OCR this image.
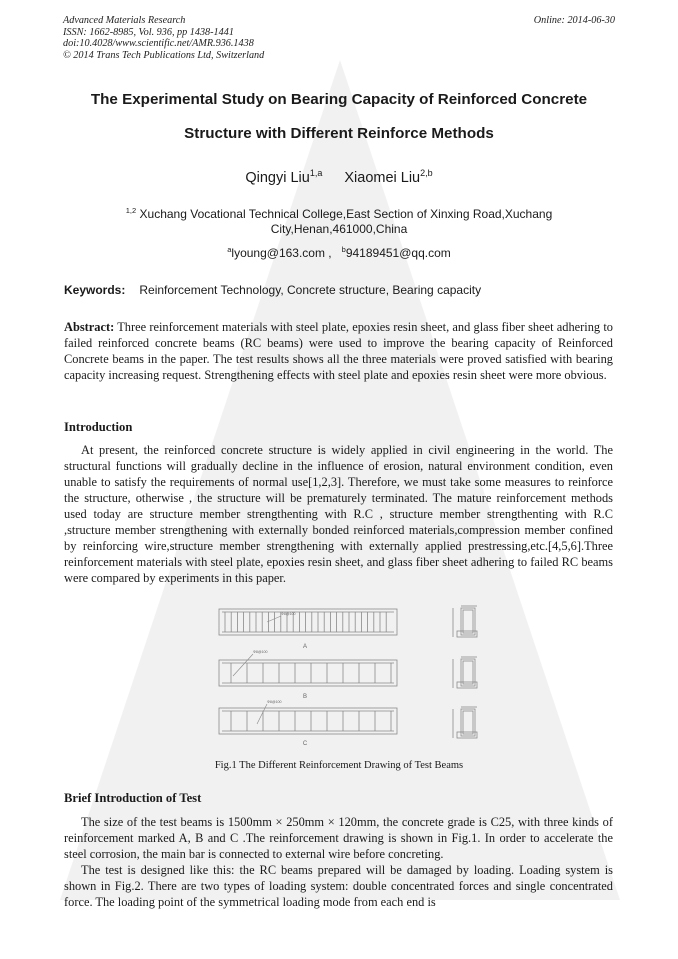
Advanced Materials Research
ISSN: 1662-8985, Vol. 936, pp 1438-1441
doi:10.4028/www.scientific.net/AMR.936.1438
© 2014 Trans Tech Publications Ltd, Switzerland
Online: 2014-06-30
The Experimental Study on Bearing Capacity of Reinforced Concrete
Structure with Different Reinforce Methods
Qingyi Liu$^{1,a}$ Xiaomei Liu$^{2,b}$
$^{1,2}$ Xuchang Vocational Technical College,East Section of Xinxing Road,Xuchang
City,Henan,461000,China
$^a$lyoung@163.com , $^b$94189451@qq.com
Keywords: Reinforcement Technology, Concrete structure, Bearing capacity

Abstract: Three reinforcement materials with steel plate, epoxies resin sheet, and glass fiber sheet adhering to failed reinforced concrete beams (RC beams) were used to improve the bearing capacity of Reinforced Concrete beams in the paper. The test results shows all the three materials were proved satisfied with bearing capacity increasing request. Strengthening effects with steel plate and epoxies resin sheet were more obvious.

Introduction

At present, the reinforced concrete structure is widely applied in civil engineering in the world. The structural functions will gradually decline in the influence of erosion, natural environment condition, even unable to satisfy the requirements of normal use[1,2,3]. Therefore, we must take some measures to reinforce the structure, otherwise , the structure will be prematurely terminated. The mature reinforcement methods used today are structure member strengthenting with R.C , structure member strengthenting with R.C ,structure member strengthening with externally bonded reinforced materials,compression member confined by reinforcing wire,structure member strengthening with externally applied prestressing,etc.[4,5,6].Three reinforcement materials with steel plate, epoxies resin sheet, and glass fiber sheet adhering to failed RC beams were compared by experiments in this paper.

Φ8@100
Φ8@100
Φ8@100
A
B
C
Fig.1 The Different Reinforcement Drawing of Test Beams
Brief Introduction of Test

The size of the test beams is 1500mm × 250mm × 120mm, the concrete grade is C25, with three kinds of reinforcement marked A, B and C .The reinforcement drawing is shown in Fig.1. In order to accelerate the steel corrosion, the main bar is connected to external wire before concreting.

The test is designed like this: the RC beams prepared will be damaged by loading. Loading system is shown in Fig.2. There are two types of loading system: double concentrated forces and single concentrated force. The loading point of the symmetrical loading mode from each end is
